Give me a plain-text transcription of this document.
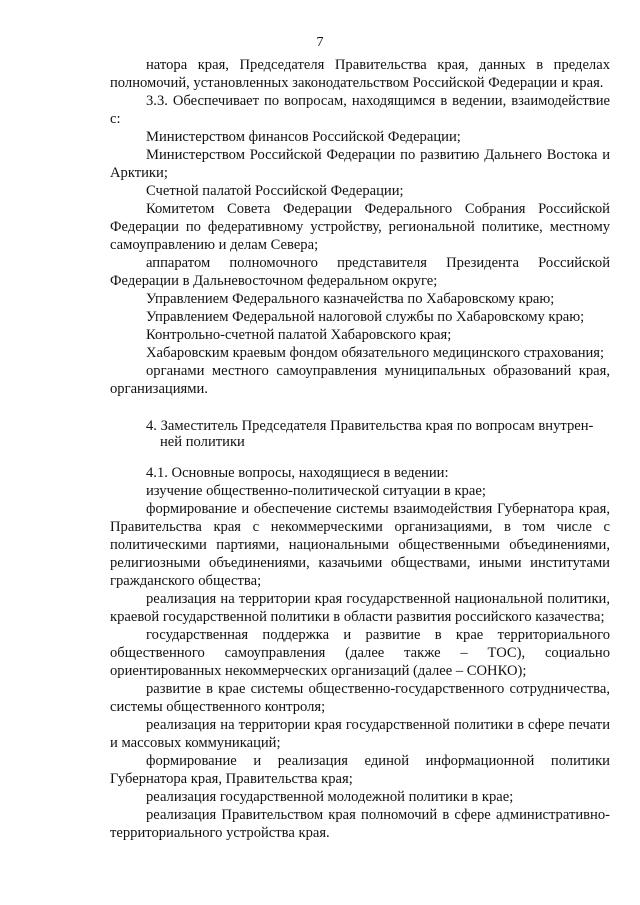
7

натора края, Председателя Правительства края, данных в пределах полномочий, установленных законодательством Российской Федерации и края.

3.3. Обеспечивает по вопросам, находящимся в ведении, взаимодействие с:

Министерством финансов Российской Федерации;

Министерством Российской Федерации по развитию Дальнего Востока и Арктики;

Счетной палатой Российской Федерации;

Комитетом Совета Федерации Федерального Собрания Российской Федерации по федеративному устройству, региональной политике, местному самоуправлению и делам Севера;

аппаратом полномочного представителя Президента Российской Федерации в Дальневосточном федеральном округе;

Управлением Федерального казначейства по Хабаровскому краю;

Управлением Федеральной налоговой службы по Хабаровскому краю;

Контрольно-счетной палатой Хабаровского края;

Хабаровским краевым фондом обязательного медицинского страхования;

органами местного самоуправления муниципальных образований края, организациями.

4. Заместитель Председателя Правительства края по вопросам внутрен-
ней политики

4.1. Основные вопросы, находящиеся в ведении:

изучение общественно-политической ситуации в крае;

формирование и обеспечение системы взаимодействия Губернатора края, Правительства края с некоммерческими организациями, в том числе с политическими партиями, национальными общественными объединениями, религиозными объединениями, казачьими обществами, иными институтами гражданского общества;

реализация на территории края государственной национальной политики, краевой государственной политики в области развития российского казачества;

государственная поддержка и развитие в крае территориального общественного самоуправления (далее также – ТОС), социально ориентированных некоммерческих организаций (далее – СОНКО);

развитие в крае системы общественно-государственного сотрудничества, системы общественного контроля;

реализация на территории края государственной политики в сфере печати и массовых коммуникаций;

формирование и реализация единой информационной политики Губернатора края, Правительства края;

реализация государственной молодежной политики в крае;

реализация Правительством края полномочий в сфере административно-территориального устройства края.
